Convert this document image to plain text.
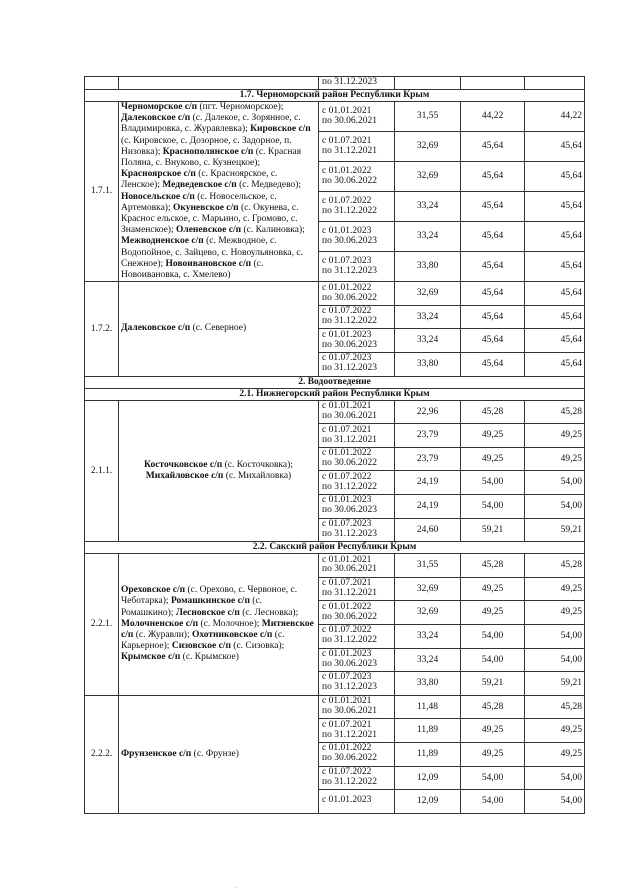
		по 31.12.2023			
1.7. Черноморский район Республики Крым					
1.7.1.	Черноморское с/п (пгт. Черноморское); Далековское с/п (с. Далекое, с. Зорянное, с. Владимировка, с. Журавлевка); Кировское с/п (с. Кировское, с. Дозорное, с. Задорное, п. Низовка); Краснополянское с/п (с. Красная Поляна, с. Внуково, с. Кузнецкое); Красноярское с/п (с. Красноярское, с. Ленское); Медведевское с/п (с. Медведево); Новосельское с/п (с. Новосельское, с. Артемовка); Окуневское с/п (с. Окунева, с. Краснос ельское, с. Марьино, с. Громово, с. Знаменское); Оленевское с/п (с. Калиновка); Межводненское с/п (с. Межводное, с. Водопойное, с. Зайцево, с. Новоульяновка, с. Снежное); Новоивановское с/п (с. Новоивановка, с. Хмелево)	с 01.01.2021
по 30.06.2021	31,55	44,22	44,22

		с 01.07.2021
по 31.12.2021	32,69	45,64	45,64

		с 01.01.2022
по 30.06.2022	32,69	45,64	45,64

		с 01.07.2022
по 31.12.2022	33,24	45,64	45,64

		с 01.01.2023
по 30.06.2023	33,24	45,64	45,64

		с 01.07.2023
по 31.12.2023	33,80	45,64	45,64
1.7.2.	Далековское с/п (с. Северное)	с 01.01.2022
по 30.06.2022	32,69	45,64	45,64

		с 01.07.2022
по 31.12.2022	33,24	45,64	45,64

		с 01.01.2023
по 30.06.2023	33,24	45,64	45,64

		с 01.07.2023
по 31.12.2023	33,80	45,64	45,64
2. Водоотведение					
2.1. Нижнегорский район Республики Крым					
2.1.1.	Косточковское с/п (с. Косточковка); Михайловское с/п (с. Михайловка)	с 01.01.2021
по 30.06.2021	22,96	45,28	45,28

		с 01.07.2021
по 31.12.2021	23,79	49,25	49,25

		с 01.01.2022
по 30.06.2022	23,79	49,25	49,25

		с 01.07.2022
по 31.12.2022	24,19	54,00	54,00

		с 01.01.2023
по 30.06.2023	24,19	54,00	54,00

		с 01.07.2023
по 31.12.2023	24,60	59,21	59,21
2.2. Сакский район Республики Крым					
2.2.1.	Ореховское с/п (с. Орехово, с. Червоное, с. Чеботарка); Ромашкинское с/п (с. Ромашкино); Лесновское с/п (с. Лесновка); Молочненское с/п (с. Молочное); Митяевское с/п (с. Журавли); Охотниковское с/п (с. Карьерное); Сизовское с/п (с. Сизовка); Крымское с/п (с. Крымское)	с 01.01.2021
по 30.06.2021	31,55	45,28	45,28

		с 01.07.2021
по 31.12.2021	32,69	49,25	49,25

		с 01.01.2022
по 30.06.2022	32,69	49,25	49,25

		с 01.07.2022
по 31.12.2022	33,24	54,00	54,00

		с 01.01.2023
по 30.06.2023	33,24	54,00	54,00

		с 01.07.2023
по 31.12.2023	33,80	59,21	59,21
2.2.2.	Фрунзенское с/п (с. Фрунзе)	с 01.01.2021
по 30.06.2021	11,48	45,28	45,28

		с 01.07.2021
по 31.12.2021	11,89	49,25	49,25

		с 01.01.2022
по 30.06.2022	11,89	49,25	49,25

		с 01.07.2022
по 31.12.2022	12,09	54,00	54,00

		с 01.01.2023	12,09	54,00	54,00
.
